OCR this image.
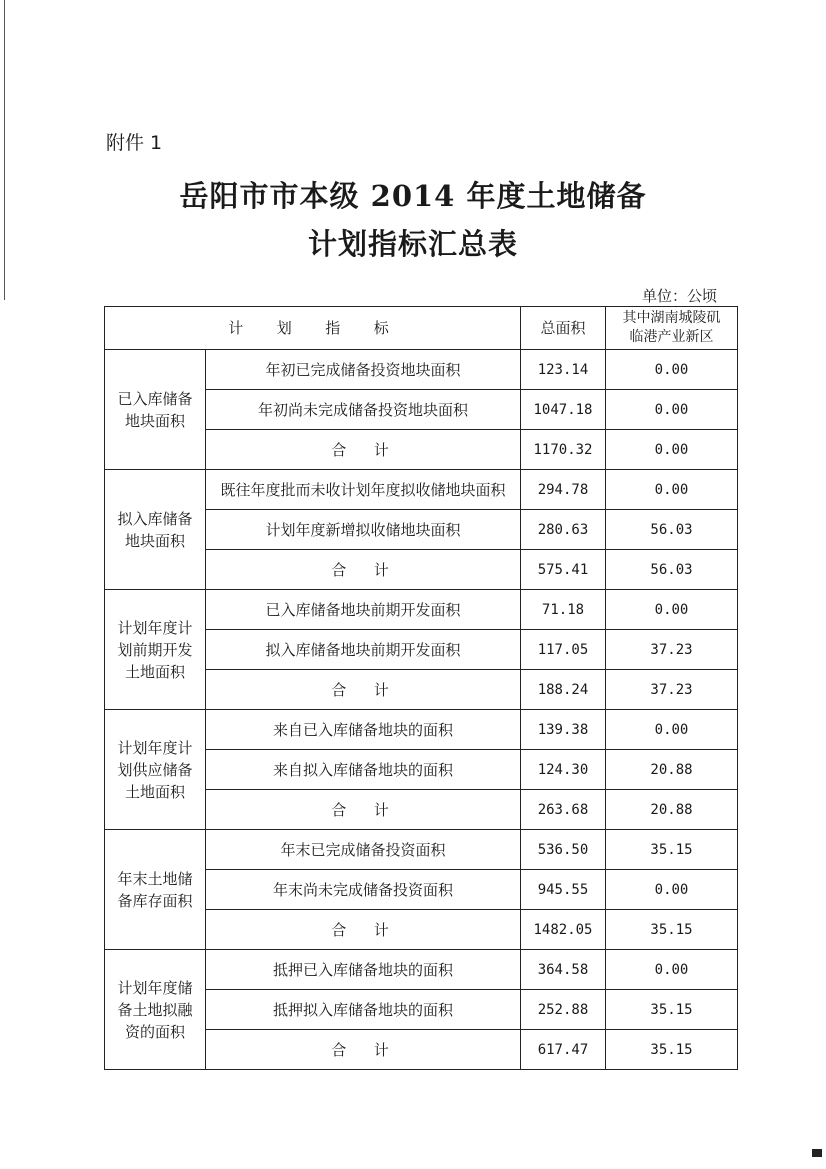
附件 1
岳阳市市本级 2014 年度土地储备
计划指标汇总表
单位：公顷
计  划  指  标		总面积	其中湖南城陵矶临港产业新区
已入库储备地块面积	年初已完成储备投资地块面积	123.14	0.00
	年初尚未完成储备投资地块面积	1047.18	0.00
	合  计	1170.32	0.00
拟入库储备地块面积	既往年度批而未收计划年度拟收储地块面积	294.78	0.00
	计划年度新增拟收储地块面积	280.63	56.03
	合  计	575.41	56.03
计划年度计划前期开发土地面积	已入库储备地块前期开发面积	71.18	0.00
	拟入库储备地块前期开发面积	117.05	37.23
	合  计	188.24	37.23
计划年度计划供应储备土地面积	来自已入库储备地块的面积	139.38	0.00
	来自拟入库储备地块的面积	124.30	20.88
	合  计	263.68	20.88
年末土地储备库存面积	年末已完成储备投资面积	536.50	35.15
	年末尚未完成储备投资面积	945.55	0.00
	合  计	1482.05	35.15
计划年度储备土地拟融资的面积	抵押已入库储备地块的面积	364.58	0.00
	抵押拟入库储备地块的面积	252.88	35.15
	合  计	617.47	35.15
